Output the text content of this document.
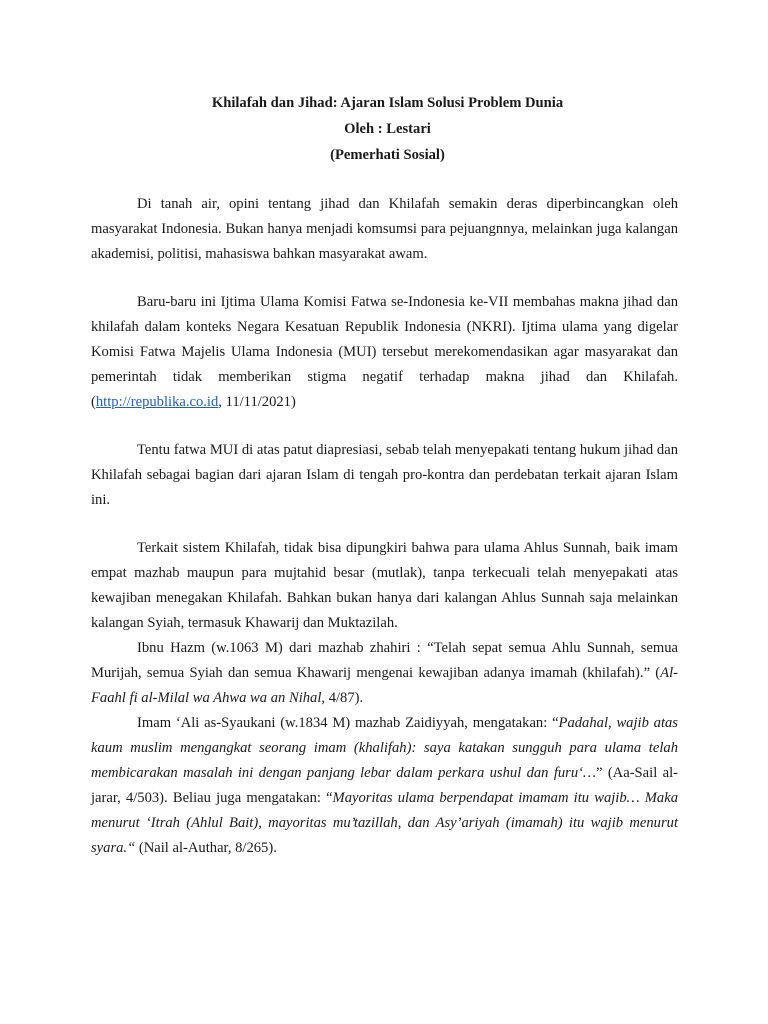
Khilafah dan Jihad: Ajaran Islam Solusi Problem Dunia
Oleh : Lestari
(Pemerhati Sosial)

Di tanah air, opini tentang jihad dan Khilafah semakin deras diperbincangkan oleh masyarakat Indonesia. Bukan hanya menjadi komsumsi para pejuangnnya, melainkan juga kalangan akademisi, politisi, mahasiswa bahkan masyarakat awam.

Baru-baru ini Ijtima Ulama Komisi Fatwa se-Indonesia ke-VII membahas makna jihad dan khilafah dalam konteks Negara Kesatuan Republik Indonesia (NKRI). Ijtima ulama yang digelar Komisi Fatwa Majelis Ulama Indonesia (MUI) tersebut merekomendasikan agar masyarakat dan pemerintah tidak memberikan stigma negatif terhadap makna jihad dan Khilafah. (http://republika.co.id, 11/11/2021)

Tentu fatwa MUI di atas patut diapresiasi, sebab telah menyepakati tentang hukum jihad dan Khilafah sebagai bagian dari ajaran Islam di tengah pro-kontra dan perdebatan terkait ajaran Islam ini.

Terkait sistem Khilafah, tidak bisa dipungkiri bahwa para ulama Ahlus Sunnah, baik imam empat mazhab maupun para mujtahid besar (mutlak), tanpa terkecuali telah menyepakati atas kewajiban menegakan Khilafah. Bahkan bukan hanya dari kalangan Ahlus Sunnah saja melainkan kalangan Syiah, termasuk Khawarij dan Muktazilah.

Ibnu Hazm (w.1063 M) dari mazhab zhahiri : “Telah sepat semua Ahlu Sunnah, semua Murijah, semua Syiah dan semua Khawarij mengenai kewajiban adanya imamah (khilafah).” (Al-Faahl fi al-Milal wa Ahwa wa an Nihal, 4/87).

Imam ‘Ali as-Syaukani (w.1834 M) mazhab Zaidiyyah, mengatakan: “Padahal, wajib atas kaum muslim mengangkat seorang imam (khalifah): saya katakan sungguh para ulama telah membicarakan masalah ini dengan panjang lebar dalam perkara ushul dan furu‘…” (Aa-Sail al-jarar, 4/503). Beliau juga mengatakan: “Mayoritas ulama berpendapat imamam itu wajib… Maka menurut ‘Itrah (Ahlul Bait), mayoritas mu’tazillah, dan Asy’ariyah (imamah) itu wajib menurut syara.“ (Nail al-Authar, 8/265).
